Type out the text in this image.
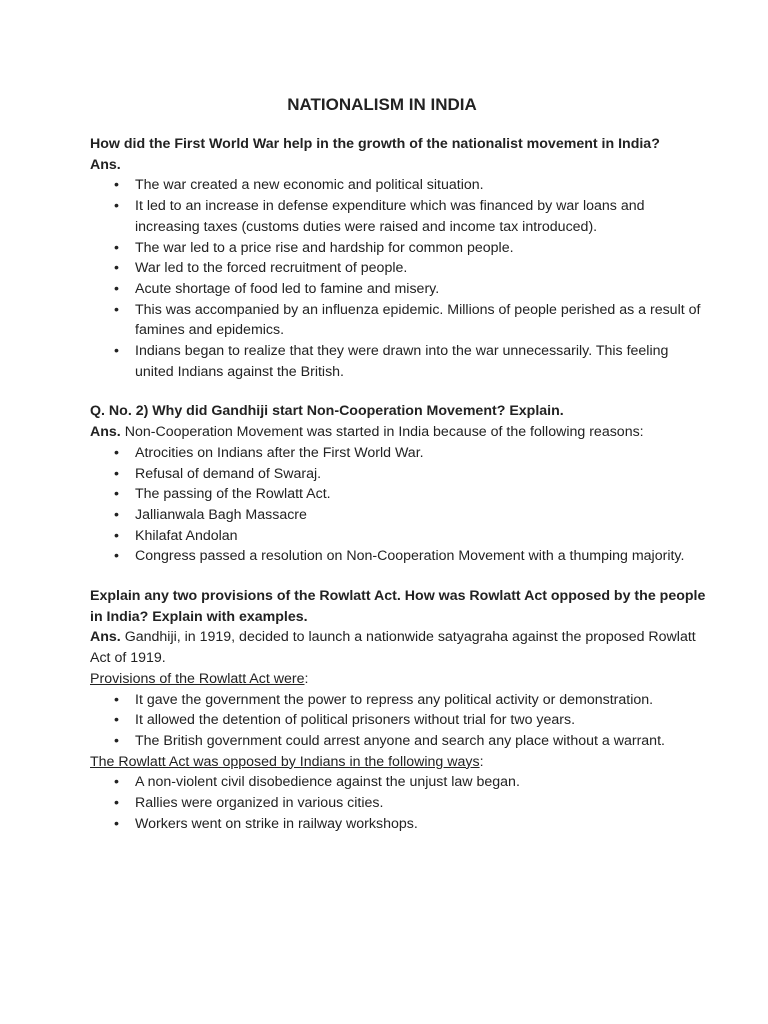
NATIONALISM IN INDIA

How did the First World War help in the growth of the nationalist movement in India?

Ans.

• The war created a new economic and political situation.
• It led to an increase in defense expenditure which was financed by war loans and increasing taxes (customs duties were raised and income tax introduced).
• The war led to a price rise and hardship for common people.
• War led to the forced recruitment of people.
• Acute shortage of food led to famine and misery.
• This was accompanied by an influenza epidemic. Millions of people perished as a result of famines and epidemics.
• Indians began to realize that they were drawn into the war unnecessarily. This feeling united Indians against the British.

Q. No. 2) Why did Gandhiji start Non-Cooperation Movement? Explain.

Ans. Non-Cooperation Movement was started in India because of the following reasons:

• Atrocities on Indians after the First World War.
• Refusal of demand of Swaraj.
• The passing of the Rowlatt Act.
• Jallianwala Bagh Massacre
• Khilafat Andolan
• Congress passed a resolution on Non-Cooperation Movement with a thumping majority.

Explain any two provisions of the Rowlatt Act. How was Rowlatt Act opposed by the people in India? Explain with examples.

Ans. Gandhiji, in 1919, decided to launch a nationwide satyagraha against the proposed Rowlatt Act of 1919.

Provisions of the Rowlatt Act were:

• It gave the government the power to repress any political activity or demonstration.
• It allowed the detention of political prisoners without trial for two years.
• The British government could arrest anyone and search any place without a warrant.

The Rowlatt Act was opposed by Indians in the following ways:

• A non-violent civil disobedience against the unjust law began.
• Rallies were organized in various cities.
• Workers went on strike in railway workshops.
